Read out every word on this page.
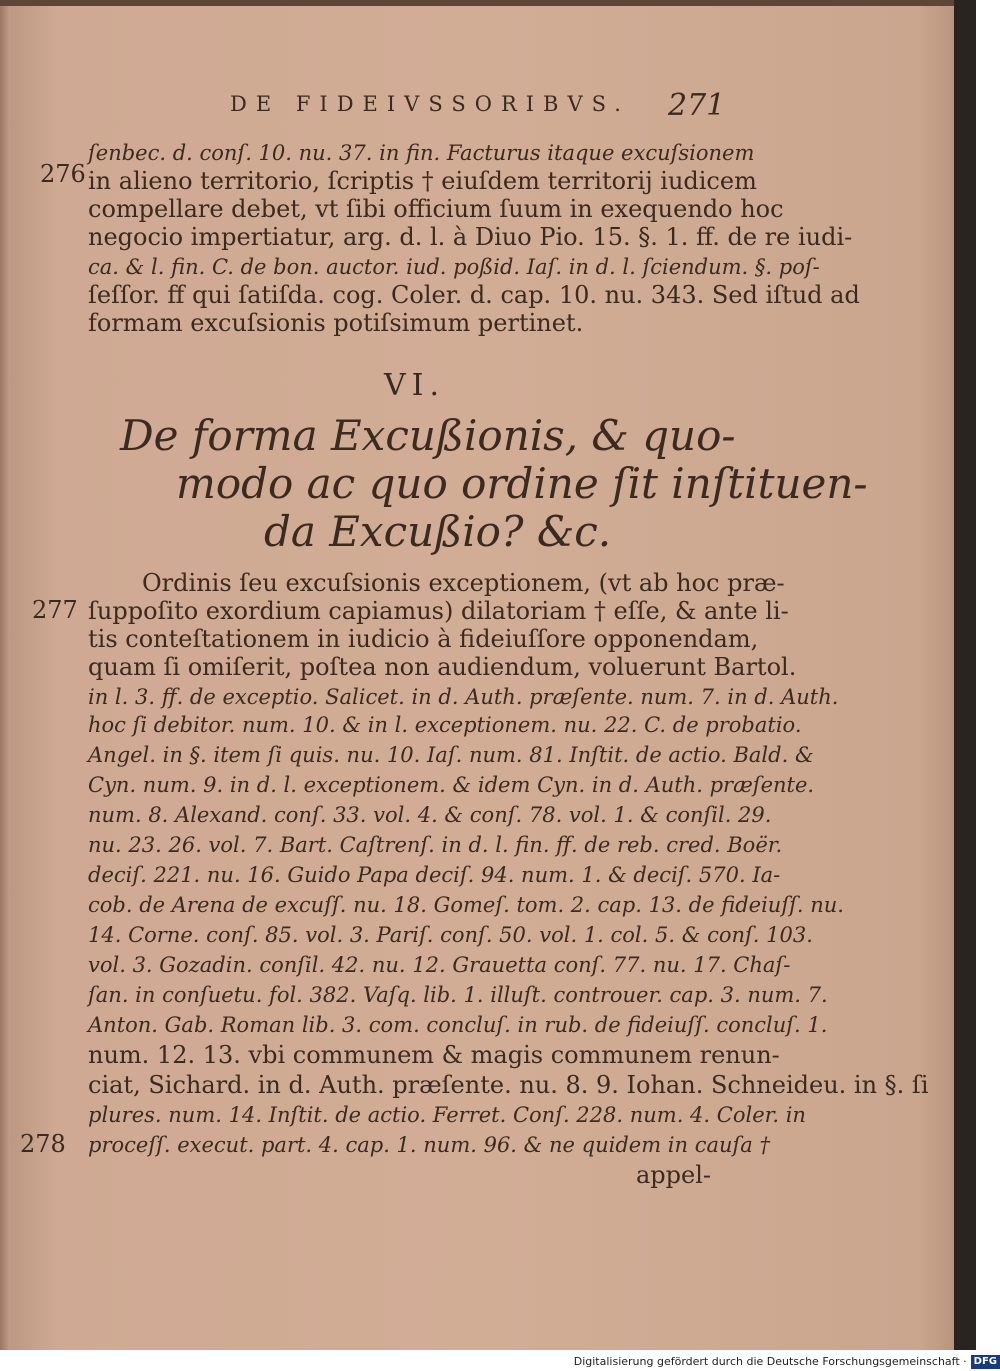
DE FIDEIVSSORIBVS.	271
ſenbec. d. conſ. 10. nu. 37. in fin. Facturus itaque excuſsionem
in alieno territorio, ſcriptis † eiuſdem territorij iudicem
compellare debet, vt ſibi officium ſuum in exequendo hoc
negocio impertiatur, arg. d. l. à Diuo Pio. 15. §. 1. ff. de re iudi-
ca. & l. fin. C. de bon. auctor. iud. poßid. Iaſ. in d. l. ſciendum. §. poſ-
ſeſſor. ff qui ſatiſda. cog. Coler. d. cap. 10. nu. 343. Sed iſtud ad
formam excuſsionis potiſsimum pertinet.
276
VI.
De forma Excußionis, & quo-
modo ac quo ordine ſit inſtituen-
da Excußio? &c.
Ordinis ſeu excuſsionis exceptionem, (vt ab hoc præ-
ſuppoſito exordium capiamus) dilatoriam † eſſe, & ante li-
tis conteſtationem in iudicio à fideiuſſore opponendam,
quam ſi omiſerit, poſtea non audiendum, voluerunt Bartol.
in l. 3. ff. de exceptio. Salicet. in d. Auth. præſente. num. 7. in d. Auth.
hoc ſi debitor. num. 10. & in l. exceptionem. nu. 22. C. de probatio.
Angel. in §. item ſi quis. nu. 10. Iaſ. num. 81. Inſtit. de actio. Bald. &
Cyn. num. 9. in d. l. exceptionem. & idem Cyn. in d. Auth. præſente.
num. 8. Alexand. conſ. 33. vol. 4. & conſ. 78. vol. 1. & conſil. 29.
nu. 23. 26. vol. 7. Bart. Caſtrenſ. in d. l. fin. ff. de reb. cred. Boër.
deciſ. 221. nu. 16. Guido Papa deciſ. 94. num. 1. & deciſ. 570. Ia-
cob. de Arena de excuſſ. nu. 18. Gomeſ. tom. 2. cap. 13. de fideiuſſ. nu.
14. Corne. conſ. 85. vol. 3. Pariſ. conſ. 50. vol. 1. col. 5. & conſ. 103.
vol. 3. Gozadin. conſil. 42. nu. 12. Grauetta conſ. 77. nu. 17. Chaſ-
ſan. in conſuetu. fol. 382. Vaſq. lib. 1. illuſt. controuer. cap. 3. num. 7.
Anton. Gab. Roman lib. 3. com. concluſ. in rub. de fideiuſſ. concluſ. 1.
num. 12. 13. vbi communem & magis communem renun-
ciat, Sichard. in d. Auth. præſente. nu. 8. 9. Iohan. Schneideu. in §. ſi
plures. num. 14. Inſtit. de actio. Ferret. Conſ. 228. num. 4. Coler. in
proceſſ. execut. part. 4. cap. 1. num. 96. & ne quidem in cauſa †
appel-
277
278
Digitalisierung gefördert durch die Deutsche Forschungsgemeinschaft · DFG
